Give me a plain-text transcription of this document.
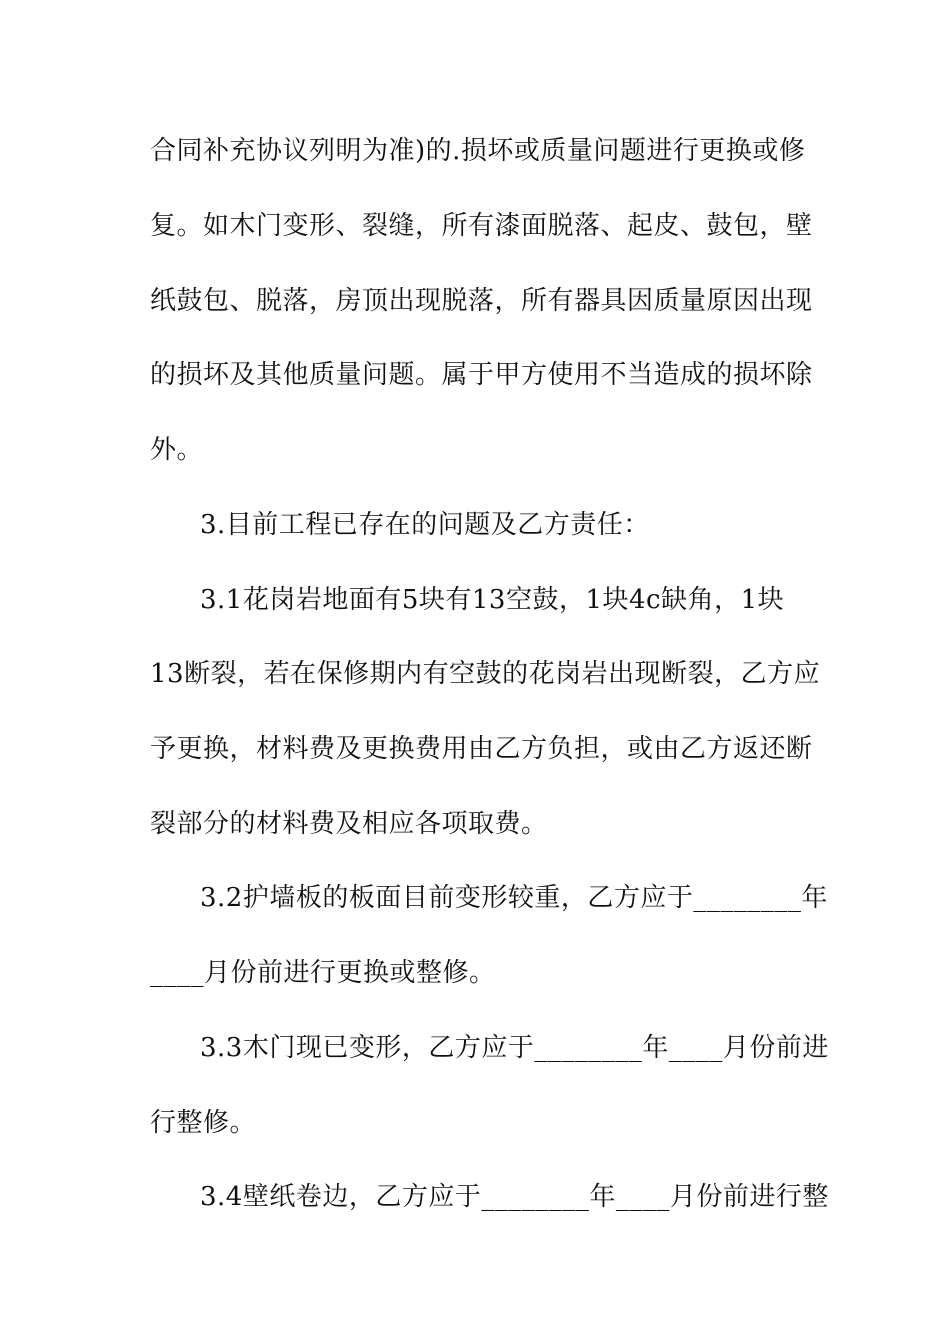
合同补充协议列明为准)的.损坏或质量问题进行更换或修
复。如木门变形、裂缝，所有漆面脱落、起皮、鼓包，壁
纸鼓包、脱落，房顶出现脱落，所有器具因质量原因出现
的损坏及其他质量问题。属于甲方使用不当造成的损坏除
外。
3.目前工程已存在的问题及乙方责任：
3.1花岗岩地面有5块有13空鼓，1块4c缺角，1块
13断裂，若在保修期内有空鼓的花岗岩出现断裂，乙方应
予更换，材料费及更换费用由乙方负担，或由乙方返还断
裂部分的材料费及相应各项取费。
3.2护墙板的板面目前变形较重，乙方应于________年
____月份前进行更换或整修。
3.3木门现已变形，乙方应于________年____月份前进
行整修。
3.4壁纸卷边，乙方应于________年____月份前进行整
